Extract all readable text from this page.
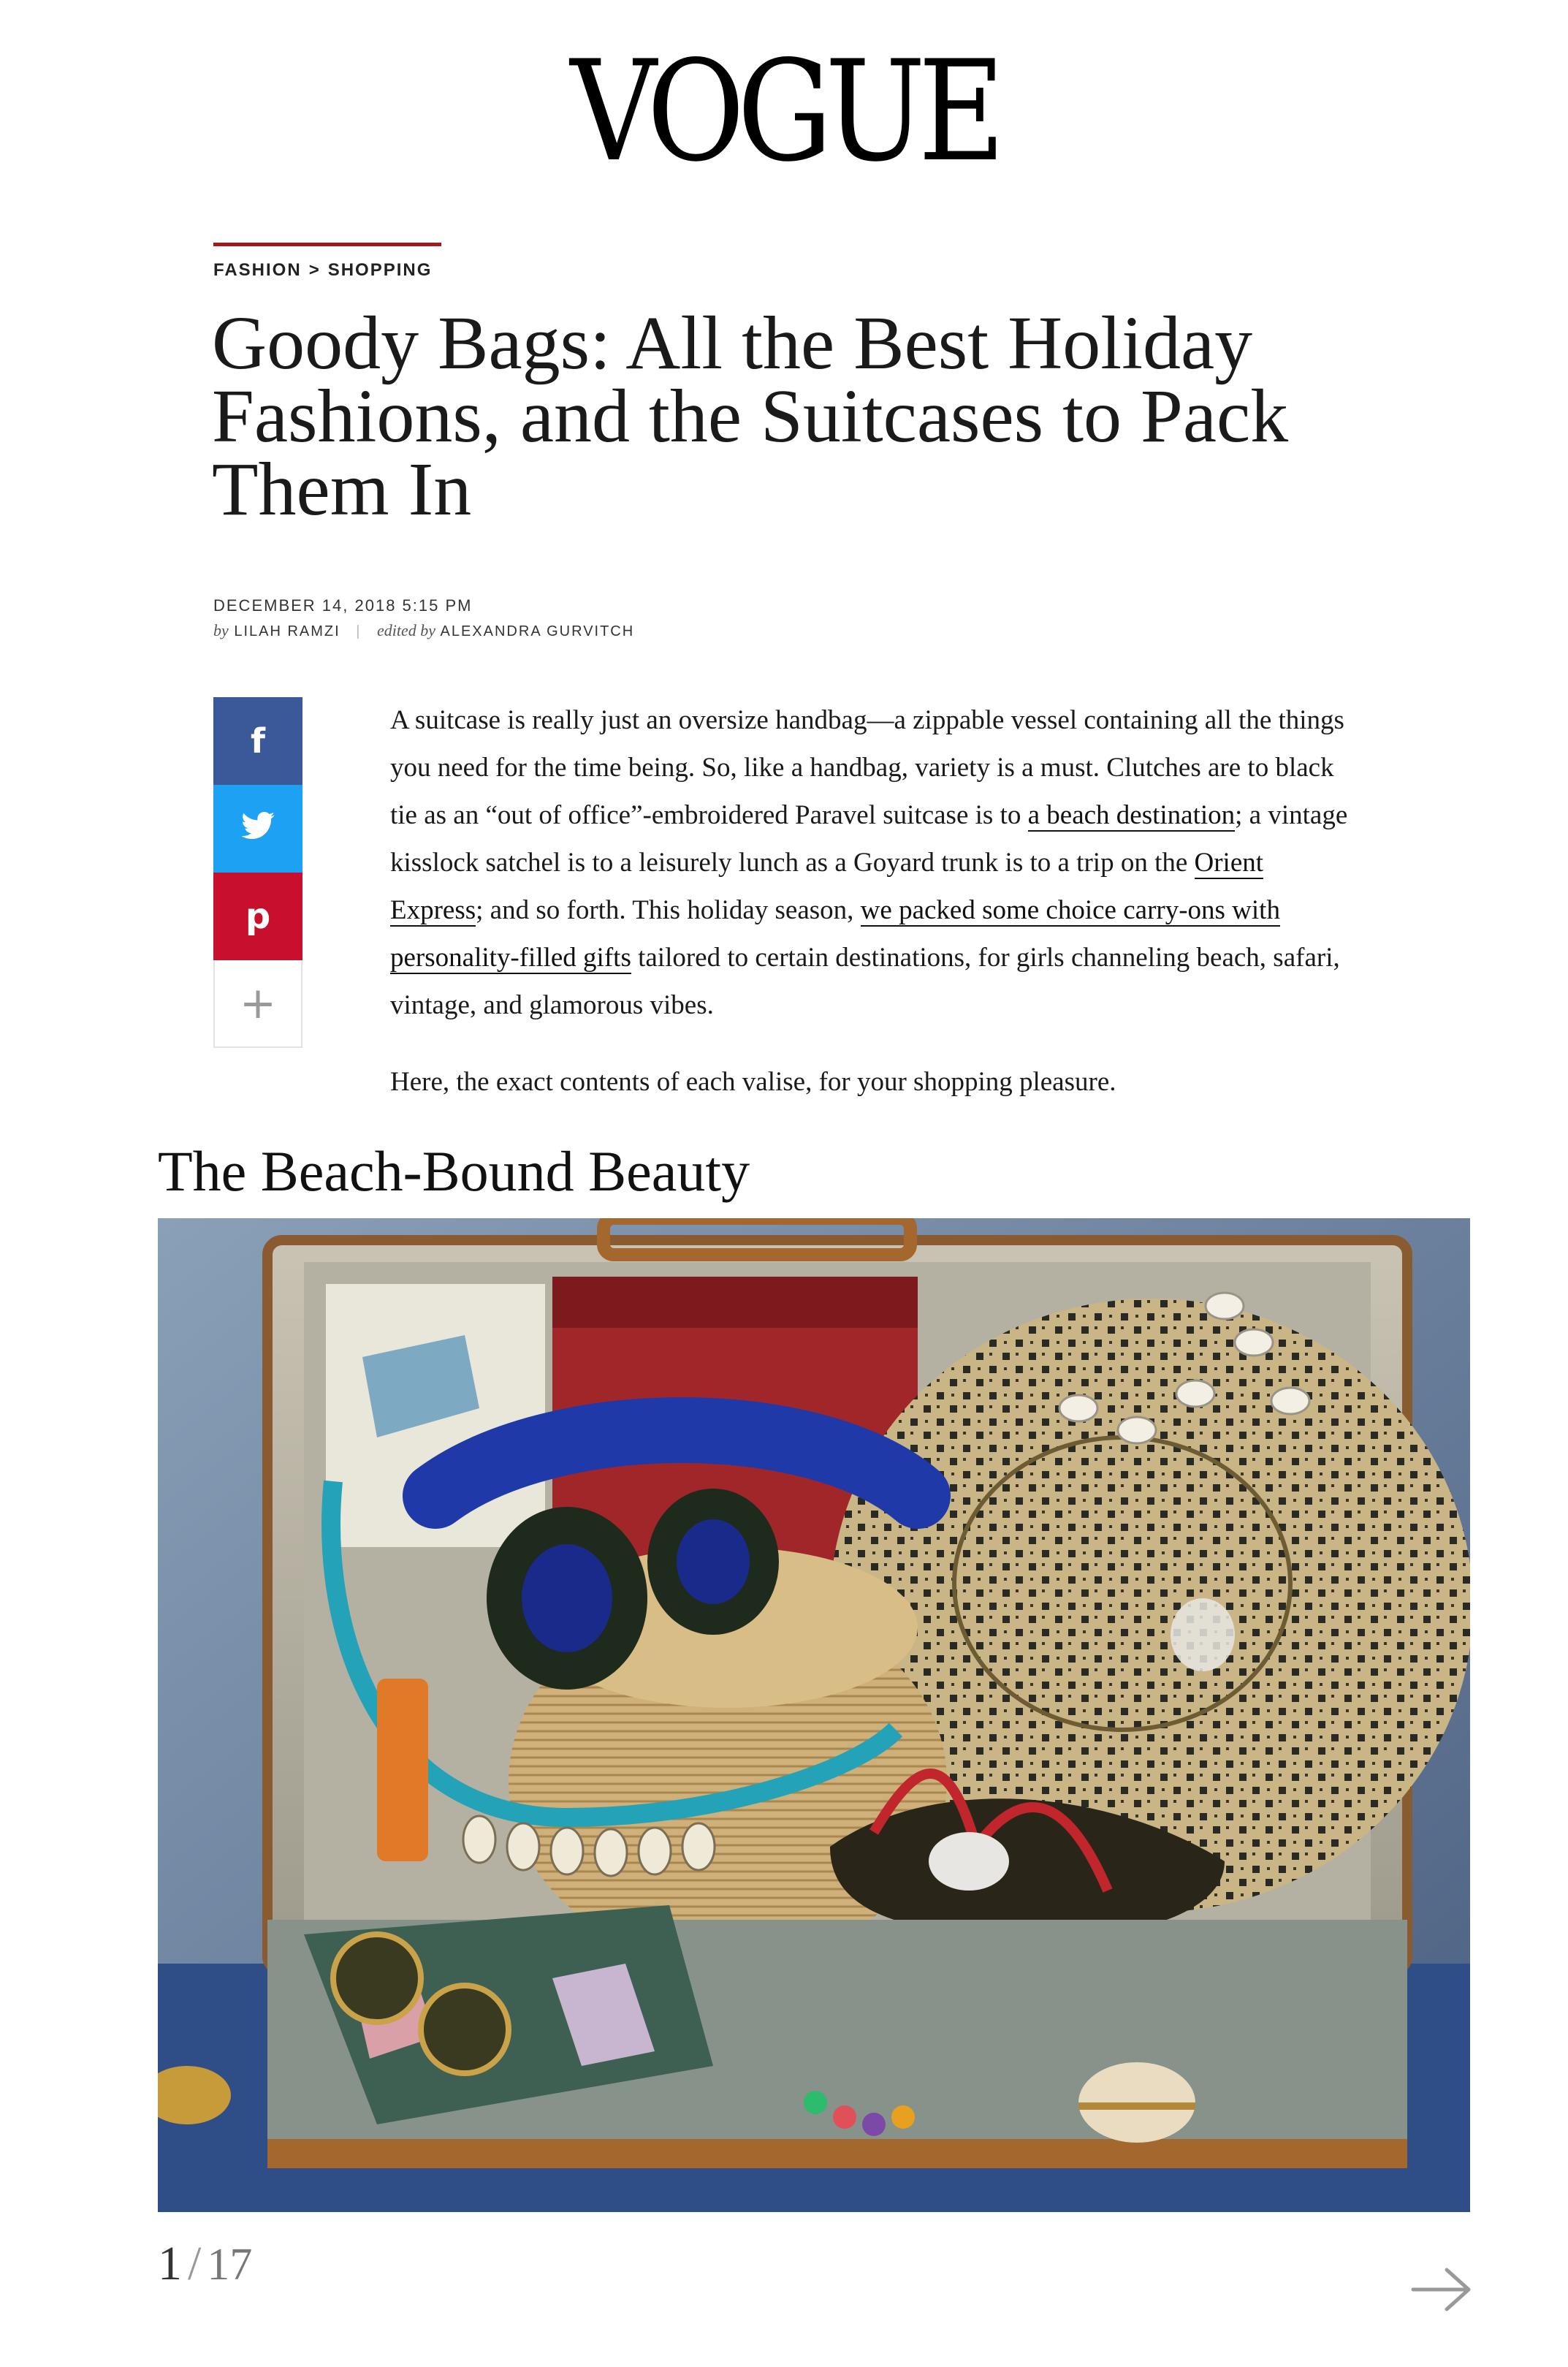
VOGUE
FASHION > SHOPPING
Goody Bags: All the Best Holiday Fashions, and the Suitcases to Pack Them In
DECEMBER 14, 2018 5:15 PM
by LILAH RAMZI | edited by ALEXANDRA GURVITCH
f
p
+

A suitcase is really just an oversize handbag—a zippable vessel containing all the things you need for the time being. So, like a handbag, variety is a must. Clutches are to black tie as an “out of office”-embroidered Paravel suitcase is to a beach destination; a vintage kisslock satchel is to a leisurely lunch as a Goyard trunk is to a trip on the Orient Express; and so forth. This holiday season, we packed some choice carry-ons with personality-filled gifts tailored to certain destinations, for girls channeling beach, safari, vintage, and glamorous vibes.

Here, the exact contents of each valise, for your shopping pleasure.

The Beach-Bound Beauty
1 / 17
